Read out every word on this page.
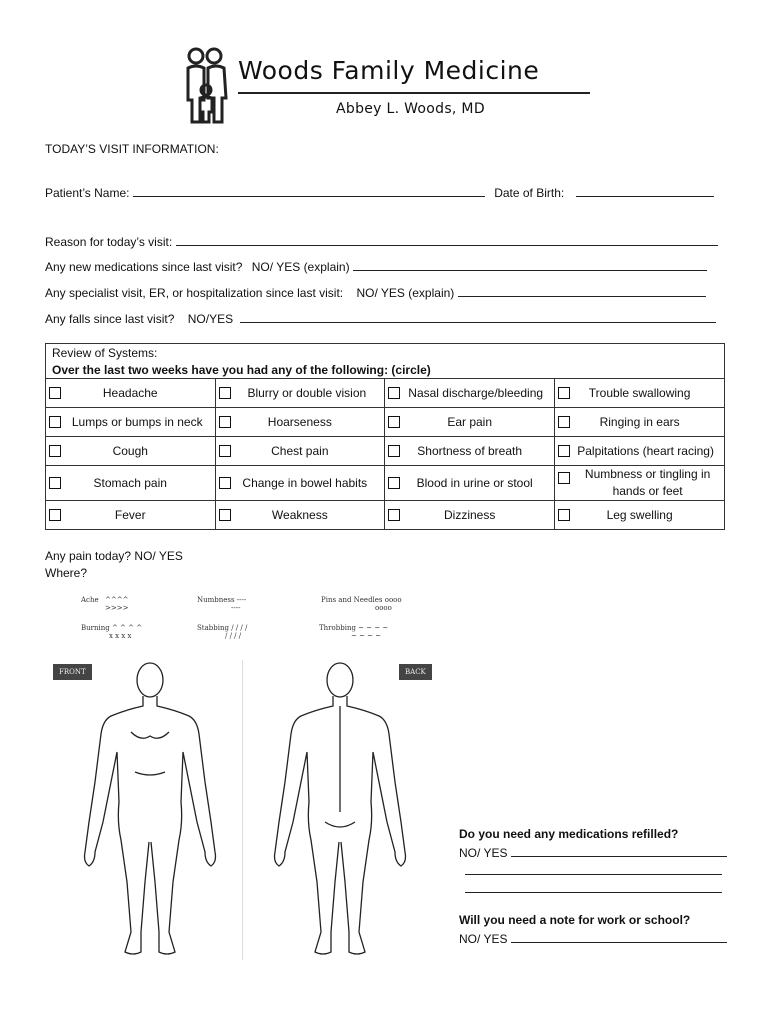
Woods Family Medicine
Abbey L. Woods, MD
TODAY’S VISIT INFORMATION:
Patient’s Name:	Date of Birth:
Reason for today’s visit:
Any new medications since last visit? NO/ YES (explain)
Any specialist visit, ER, or hospitalization since last visit: NO/ YES (explain)
Any falls since last visit? NO/YES
Review of Systems:			
Over the last two weeks have you had any of the following: (circle)			

Headache	Blurry or double vision	Nasal discharge/bleeding	Trouble swallowing

Lumps or bumps in neck	Hoarseness	Ear pain	Ringing in ears

Cough	Chest pain	Shortness of breath	Palpitations (heart racing)

Stomach pain	Change in bowel habits	Blood in urine or stool	Numbness or tingling in hands or feet

Fever	Weakness	Dizziness	Leg swelling
Any pain today? NO/ YES
Where?
Ache ^^^^
>>>>
Numbness ----
----
Pins and Needles oooo
oooo
Burning ^ ^ ^ ^
x x x x
Stabbing / / / /
/ / / /
Throbbing ~ ~ ~ ~
~ ~ ~ ~
FRONT	BACK
Do you need any medications refilled?
NO/ YES
Will you need a note for work or school?
NO/ YES
